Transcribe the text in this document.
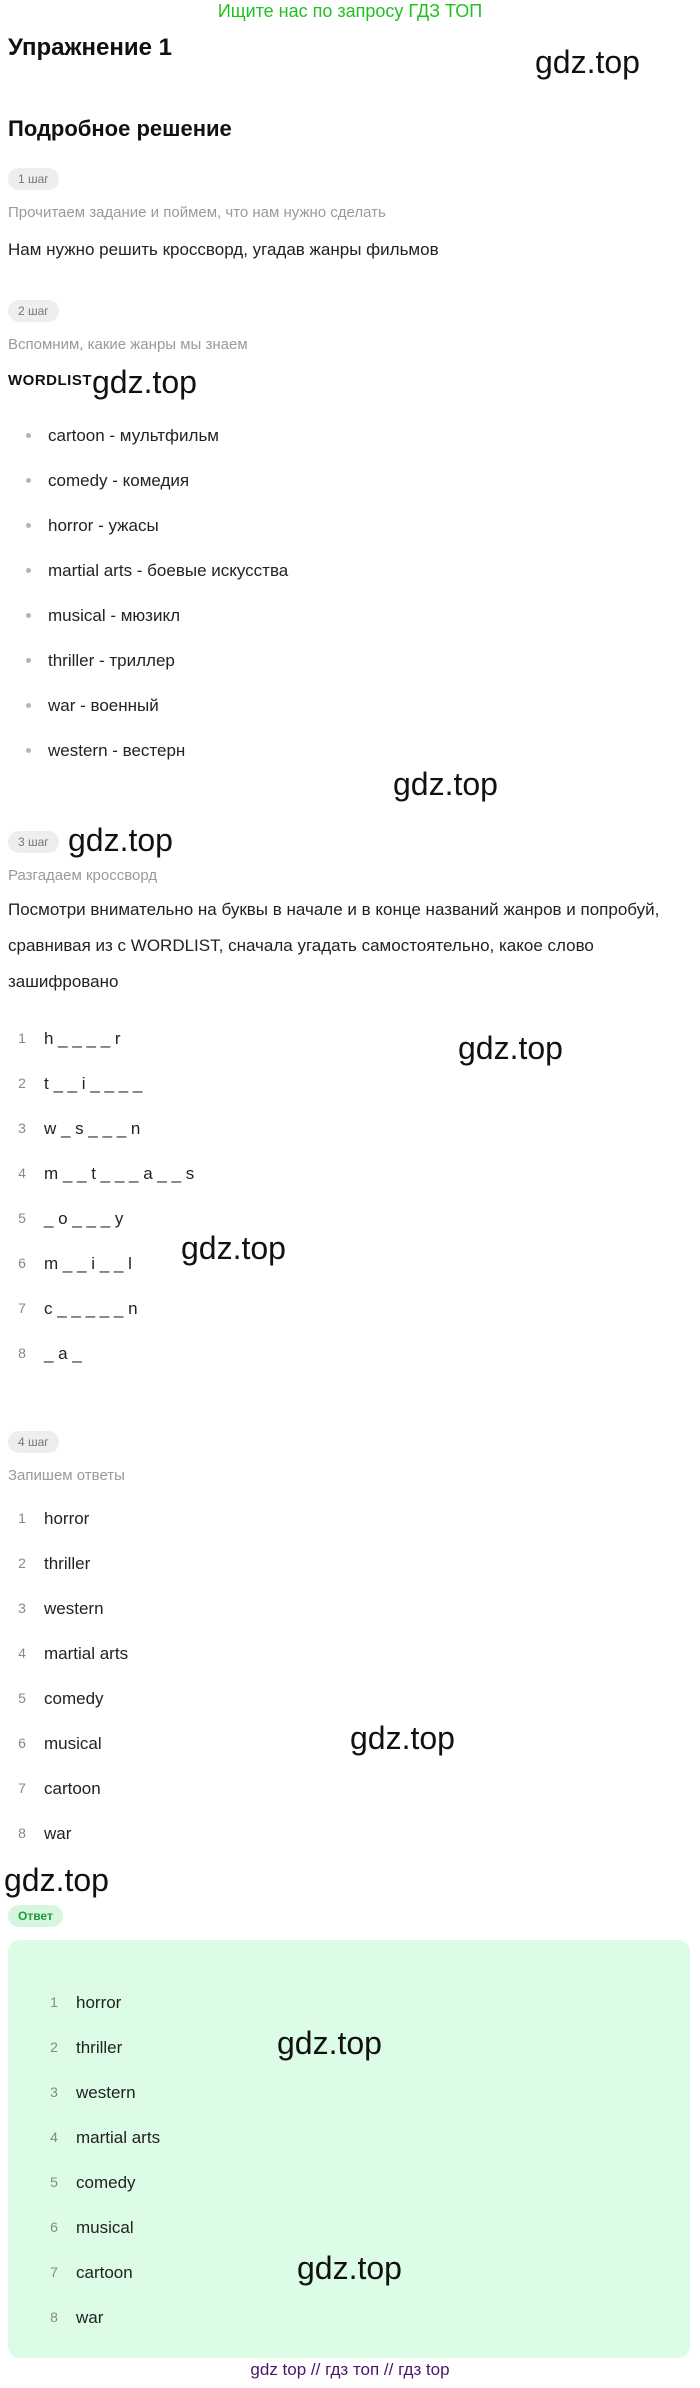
Ищите нас по запросу ГДЗ ТОП
Упражнение 1
Подробное решение
1 шаг
Прочитаем задание и поймем, что нам нужно сделать
Нам нужно решить кроссворд, угадав жанры фильмов
2 шаг
Вспомним, какие жанры мы знаем
WORDLIST
cartoon - мультфильм
comedy - комедия
horror - ужасы
martial arts - боевые искусства
musical - мюзикл
thriller - триллер
war - военный
western - вестерн
3 шаг
Разгадаем кроссворд
Посмотри внимательно на буквы в начале и в конце названий жанров и попробуй, сравнивая из с WORDLIST, сначала угадать самостоятельно, какое слово зашифровано
1	h _ _ _ _ r
2	t _ _ i _ _ _ _
3	w _ s _ _ _ n
4	m _ _ t _ _ _ a _ _ s
5	_ o _ _ _ y
6	m _ _ i _ _ l
7	c _ _ _ _ _ n
8	_ a _
4 шаг
Запишем ответы
1	horror
2	thriller
3	western
4	martial arts
5	comedy
6	musical
7	cartoon
8	war
Ответ
1	horror
2	thriller
3	western
4	martial arts
5	comedy
6	musical
7	cartoon
8	war
gdz.top
gdz.top
gdz.top
gdz.top
gdz.top
gdz.top
gdz.top
gdz.top
gdz.top
gdz.top
gdz top // гдз топ // гдз top
